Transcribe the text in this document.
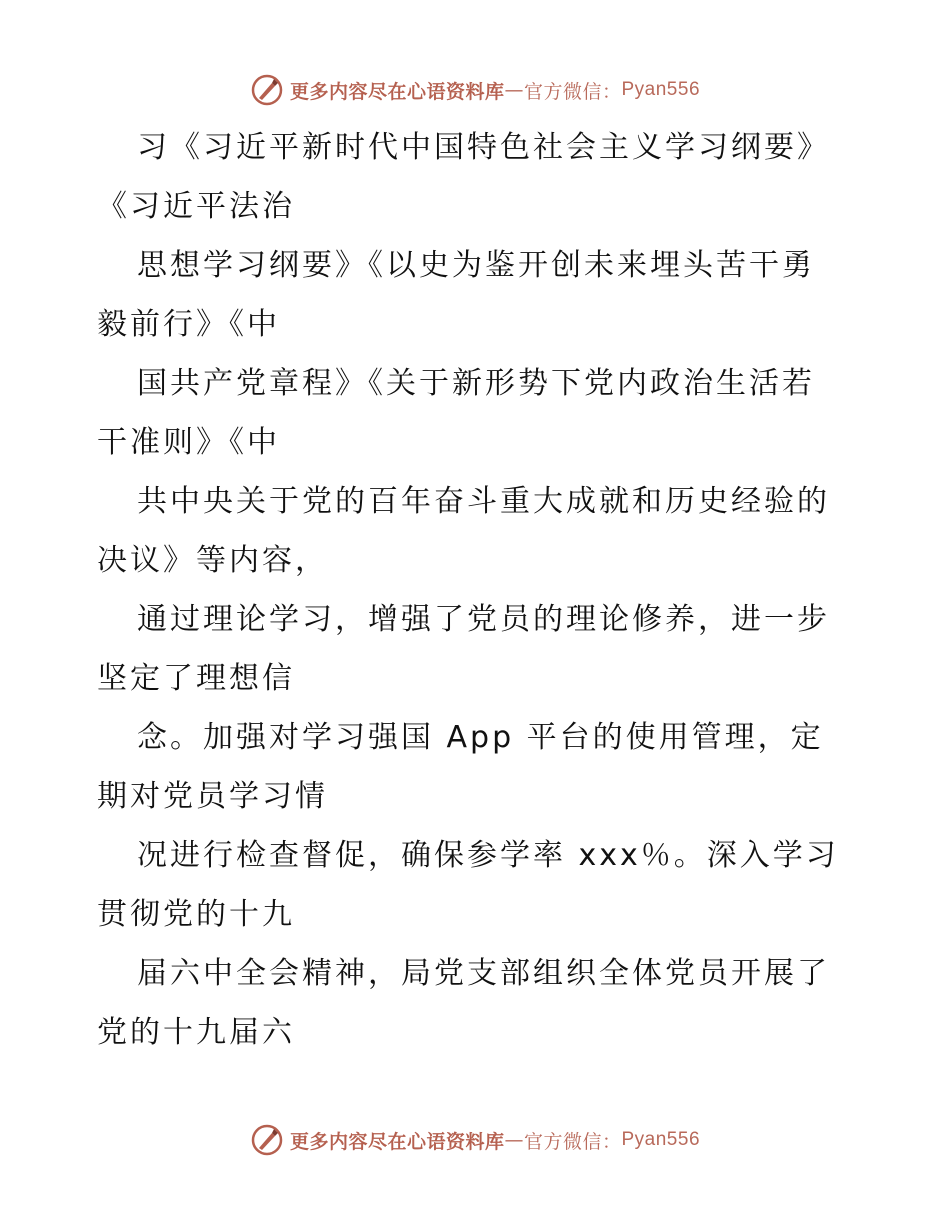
更多内容尽在心语资料库 — 官方微信： Pyan556
习《习近平新时代中国特色社会主义学习纲要》
《习近平法治
思想学习纲要》《以史为鉴开创未来埋头苦干勇
毅前行》《中
国共产党章程》《关于新形势下党内政治生活若
干准则》《中
共中央关于党的百年奋斗重大成就和历史经验的
决议》等内容，
通过理论学习，增强了党员的理论修养，进一步
坚定了理想信
念。加强对学习强国 App 平台的使用管理，定
期对党员学习情
况进行检查督促，确保参学率 xxx％。深入学习
贯彻党的十九
届六中全会精神，局党支部组织全体党员开展了
党的十九届六
更多内容尽在心语资料库 — 官方微信： Pyan556
